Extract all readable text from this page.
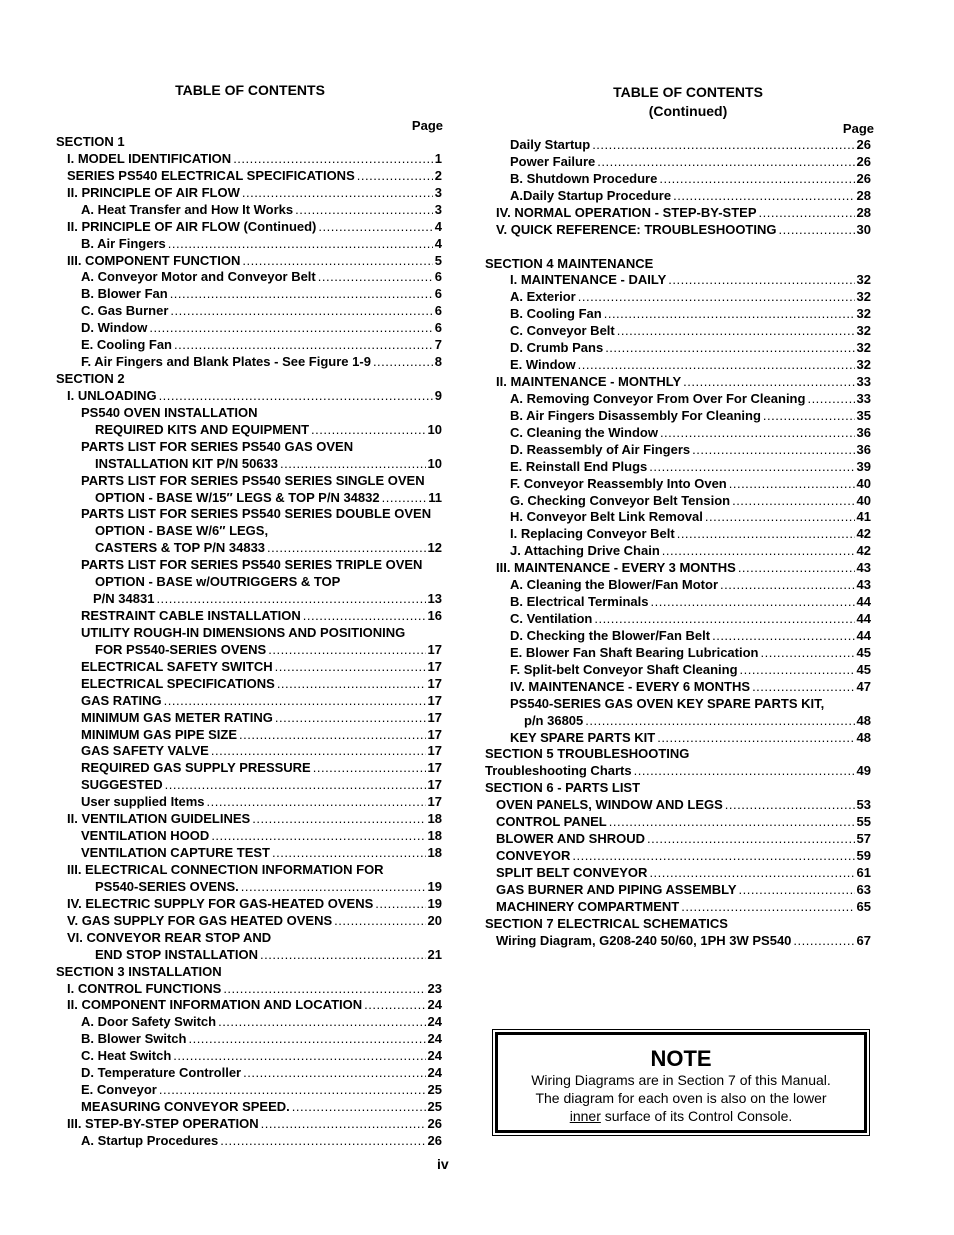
TABLE OF CONTENTS
Page
SECTION 1
I. MODEL IDENTIFICATION .....	1
SERIES PS540 ELECTRICAL SPECIFICATIONS .....	2
II. PRINCIPLE OF AIR FLOW .....	3
A. Heat Transfer and How It Works .....	3
II. PRINCIPLE OF AIR FLOW (Continued) .....	4
B. Air Fingers .....	4
III. COMPONENT FUNCTION .....	5
A. Conveyor Motor and Conveyor Belt .....	6
B. Blower Fan .....	6
C. Gas Burner .....	6
D. Window .....	6
E. Cooling Fan .....	7
F. Air Fingers and Blank Plates - See Figure 1-9 .....	8
SECTION 2
I. UNLOADING .....	9
PS540 OVEN INSTALLATION
REQUIRED KITS AND EQUIPMENT .....	10
PARTS LIST FOR SERIES PS540 GAS OVEN
INSTALLATION KIT P/N 50633 .....	10
PARTS LIST FOR SERIES PS540 SERIES SINGLE OVEN
OPTION - BASE W/15″ LEGS & TOP P/N 34832 .....	11
PARTS LIST FOR SERIES PS540 SERIES DOUBLE OVEN
OPTION - BASE W/6″ LEGS,
CASTERS & TOP P/N 34833 .....	12
PARTS LIST FOR SERIES PS540 SERIES TRIPLE OVEN
OPTION - BASE w/OUTRIGGERS & TOP
P/N 34831 .....	13
RESTRAINT CABLE INSTALLATION .....	16
UTILITY ROUGH-IN DIMENSIONS AND POSITIONING
FOR PS540-SERIES OVENS .....	17
ELECTRICAL SAFETY SWITCH .....	17
ELECTRICAL SPECIFICATIONS .....	17
GAS RATING .....	17
MINIMUM GAS METER RATING .....	17
MINIMUM GAS PIPE SIZE .....	17
GAS SAFETY VALVE .....	17
REQUIRED GAS SUPPLY PRESSURE .....	17
SUGGESTED .....	17
User supplied Items .....	17
II. VENTILATION GUIDELINES .....	18
VENTILATION HOOD .....	18
VENTILATION CAPTURE TEST .....	18
III. ELECTRICAL CONNECTION INFORMATION FOR
PS540-SERIES OVENS. .....	19
IV. ELECTRIC SUPPLY FOR GAS-HEATED OVENS .....	19
V. GAS SUPPLY FOR GAS HEATED OVENS .....	20
VI. CONVEYOR REAR STOP AND
END STOP INSTALLATION .....	21
SECTION 3 INSTALLATION
I. CONTROL FUNCTIONS .....	23
II. COMPONENT INFORMATION AND LOCATION .....	24
A. Door Safety Switch .....	24
B. Blower Switch .....	24
C. Heat Switch .....	24
D. Temperature Controller .....	24
E. Conveyor .....	25
MEASURING CONVEYOR SPEED. .....	25
III. STEP-BY-STEP OPERATION .....	26
A. Startup Procedures .....	26
TABLE OF CONTENTS
(Continued)
Page
Daily Startup .....	26
Power Failure .....	26
B. Shutdown Procedure .....	26
A.Daily Startup Procedure .....	28
IV. NORMAL OPERATION - STEP-BY-STEP .....	28
V. QUICK REFERENCE: TROUBLESHOOTING .....	30
SECTION 4 MAINTENANCE
I. MAINTENANCE - DAILY .....	32
A. Exterior .....	32
B. Cooling Fan .....	32
C. Conveyor Belt .....	32
D. Crumb Pans .....	32
E. Window .....	32
II. MAINTENANCE - MONTHLY .....	33
A. Removing Conveyor From Over For Cleaning .....	33
B. Air Fingers Disassembly For Cleaning .....	35
C. Cleaning the Window .....	36
D. Reassembly of Air Fingers .....	36
E. Reinstall End Plugs .....	39
F. Conveyor Reassembly Into Oven .....	40
G. Checking Conveyor Belt Tension .....	40
H. Conveyor Belt Link Removal .....	41
I. Replacing Conveyor Belt .....	42
J. Attaching Drive Chain .....	42
III. MAINTENANCE - EVERY 3 MONTHS .....	43
A. Cleaning the Blower/Fan Motor .....	43
B. Electrical Terminals .....	44
C. Ventilation .....	44
D. Checking the Blower/Fan Belt .....	44
E. Blower Fan Shaft Bearing Lubrication .....	45
F. Split-belt Conveyor Shaft Cleaning .....	45
IV. MAINTENANCE - EVERY 6 MONTHS .....	47
PS540-SERIES GAS OVEN KEY SPARE PARTS KIT,
p/n 36805 .....	48
KEY SPARE PARTS KIT .....	48
SECTION 5 TROUBLESHOOTING
Troubleshooting Charts .....	49
SECTION 6 - PARTS LIST
OVEN PANELS, WINDOW AND LEGS .....	53
CONTROL PANEL .....	55
BLOWER AND SHROUD .....	57
CONVEYOR .....	59
SPLIT BELT CONVEYOR .....	61
GAS BURNER AND PIPING ASSEMBLY .....	63
MACHINERY COMPARTMENT .....	65
SECTION 7 ELECTRICAL SCHEMATICS
Wiring Diagram, G208-240 50/60, 1PH 3W PS540 .....	67
NOTE
Wiring Diagrams are in Section 7 of this Manual.
The diagram for each oven is also on the lower
inner surface of its Control Console.
iv
